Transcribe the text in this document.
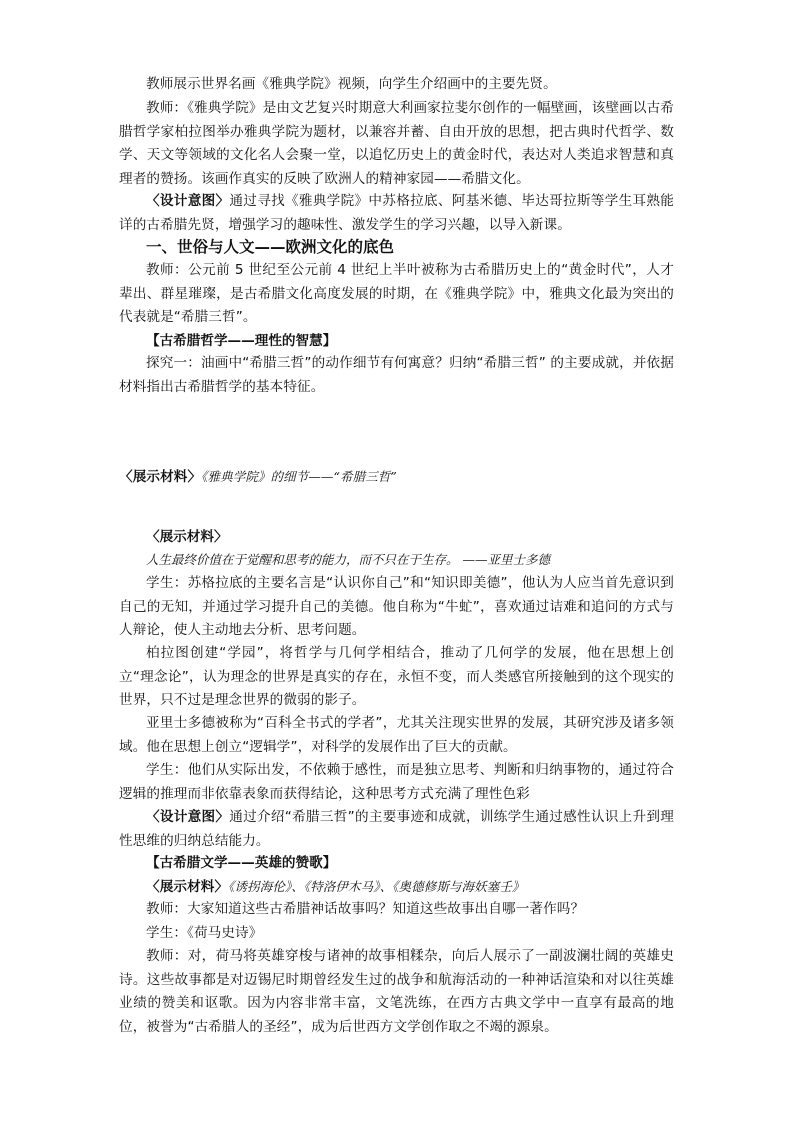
教师展示世界名画《雅典学院》视频，向学生介绍画中的主要先贤。

教师：《雅典学院》是由文艺复兴时期意大利画家拉斐尔创作的一幅壁画，该壁画以古希腊哲学家柏拉图举办雅典学院为题材，以兼容并蓄、自由开放的思想，把古典时代哲学、数学、天文等领域的文化名人会聚一堂，以追忆历史上的黄金时代，表达对人类追求智慧和真理者的赞扬。该画作真实的反映了欧洲人的精神家园——希腊文化。

〈设计意图〉通过寻找《雅典学院》中苏格拉底、阿基米德、毕达哥拉斯等学生耳熟能详的古希腊先贤，增强学习的趣味性、激发学生的学习兴趣，以导入新课。

一、世俗与人文——欧洲文化的底色

教师：公元前 5 世纪至公元前 4 世纪上半叶被称为古希腊历史上的“黄金时代”，人才辈出、群星璀璨，是古希腊文化高度发展的时期，在《雅典学院》中，雅典文化最为突出的代表就是“希腊三哲”。

【古希腊哲学——理性的智慧】

探究一：油画中“希腊三哲”的动作细节有何寓意？归纳“希腊三哲” 的主要成就，并依据材料指出古希腊哲学的基本特征。

〈展示材料〉《雅典学院》的细节——“希腊三哲”

〈展示材料〉

人生最终价值在于觉醒和思考的能力，而不只在于生存。 ——亚里士多德

学生：苏格拉底的主要名言是“认识你自己”和“知识即美德”，他认为人应当首先意识到自己的无知，并通过学习提升自己的美德。他自称为“牛虻”，喜欢通过诘难和追问的方式与人辩论，使人主动地去分析、思考问题。

柏拉图创建“学园”，将哲学与几何学相结合，推动了几何学的发展，他在思想上创立“理念论”，认为理念的世界是真实的存在，永恒不变，而人类感官所接触到的这个现实的世界，只不过是理念世界的微弱的影子。

亚里士多德被称为“百科全书式的学者”，尤其关注现实世界的发展，其研究涉及诸多领域。他在思想上创立“逻辑学”，对科学的发展作出了巨大的贡献。

学生：他们从实际出发，不依赖于感性，而是独立思考、判断和归纳事物的，通过符合逻辑的推理而非依靠表象而获得结论，这种思考方式充满了理性色彩

〈设计意图〉通过介绍“希腊三哲”的主要事迹和成就，训练学生通过感性认识上升到理性思维的归纳总结能力。

【古希腊文学——英雄的赞歌】

〈展示材料〉《诱拐海伦》、《特洛伊木马》、《奥德修斯与海妖塞壬》

教师：大家知道这些古希腊神话故事吗？知道这些故事出自哪一著作吗？

学生：《荷马史诗》

教师：对，荷马将英雄穿梭与诸神的故事相糅杂，向后人展示了一副波澜壮阔的英雄史诗。这些故事都是对迈锡尼时期曾经发生过的战争和航海活动的一种神话渲染和对以往英雄业绩的赞美和讴歌。因为内容非常丰富，文笔洗练，在西方古典文学中一直享有最高的地位，被誉为“古希腊人的圣经”，成为后世西方文学创作取之不竭的源泉。
